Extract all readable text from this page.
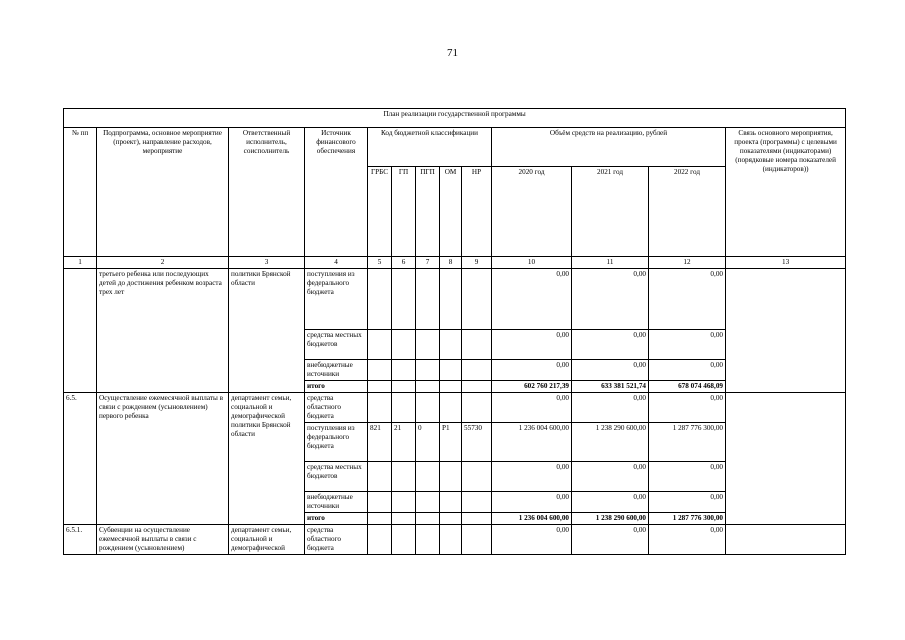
71
План реализации государственной программы												
№ пп	Подпрограмма, основное мероприятие (проект), направление расходов, мероприятие	Ответственный исполнитель, соисполнитель	Источник финансового обеспечения	Код бюджетной классификации					Объём средств на реализацию, рублей			Связь основного мероприятия, проекта (программы) с целевыми показателями (индикаторами) (порядковые номера показателей (индикаторов))
				ГРБС	ГП	ПГП	ОМ	НР	2020 год	2021 год	2022 год	
1	2	3	4	5	6	7	8	9	10	11	12	13
	третьего ребенка или последующих детей до достижения ребенком возраста трех лет	политики Брянской области	поступления из федерального бюджета						0,00	0,00	0,00	
			средства местных бюджетов						0,00	0,00	0,00	
			внебюджетные источники						0,00	0,00	0,00	
			итого						602 760 217,39	633 381 521,74	678 074 468,09	
6.5.	Осуществление ежемесячной выплаты в связи с рождением (усыновлением) первого ребенка	департамент семьи, социальной и демографической политики Брянской области	средства областного бюджета						0,00	0,00	0,00	
			поступления из федерального бюджета	821	21	0	P1	55730	1 236 004 600,00	1 238 290 600,00	1 287 776 300,00	
			средства местных бюджетов						0,00	0,00	0,00	
			внебюджетные источники						0,00	0,00	0,00	
			итого						1 236 004 600,00	1 238 290 600,00	1 287 776 300,00	
6.5.1.	Субвенции на осуществление ежемесячной выплаты в связи с рождением (усыновлением)	департамент семьи, социальной и демографической	средства областного бюджета						0,00	0,00	0,00	
